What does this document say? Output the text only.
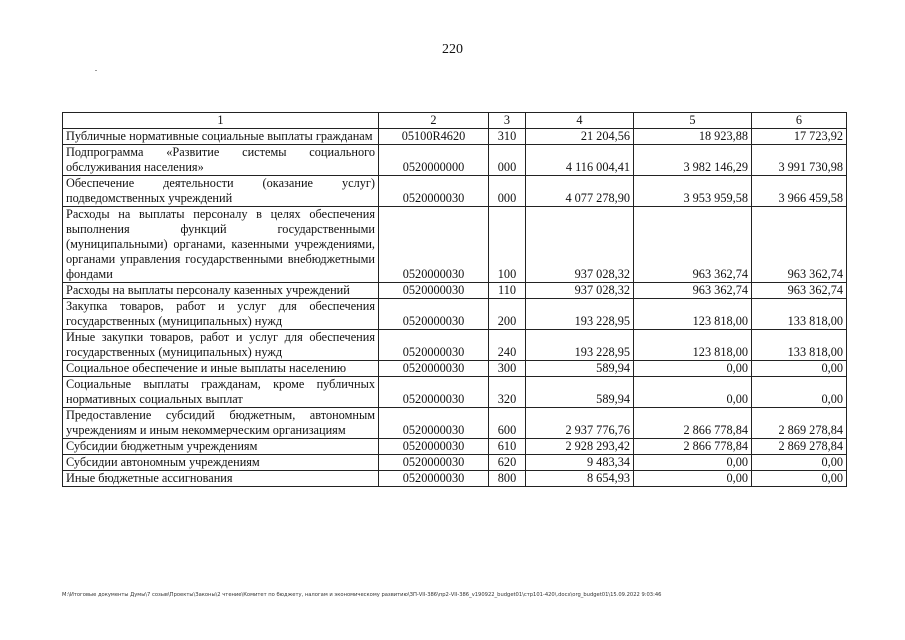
220
1	2	3	4	5	6
Публичные нормативные социальные выплаты гражданам	05100R4620	310	21 204,56	18 923,88	17 723,92
Подпрограмма «Развитие системы социального обслуживания населения»	0520000000	000	4 116 004,41	3 982 146,29	3 991 730,98
Обеспечение деятельности (оказание услуг) подведомственных учреждений	0520000030	000	4 077 278,90	3 953 959,58	3 966 459,58
Расходы на выплаты персоналу в целях обеспечения выполнения функций государственными (муниципальными) органами, казенными учреждениями, органами управления государственными внебюджетными фондами	0520000030	100	937 028,32	963 362,74	963 362,74
Расходы на выплаты персоналу казенных учреждений	0520000030	110	937 028,32	963 362,74	963 362,74
Закупка товаров, работ и услуг для обеспечения государственных (муниципальных) нужд	0520000030	200	193 228,95	123 818,00	133 818,00
Иные закупки товаров, работ и услуг для обеспечения государственных (муниципальных) нужд	0520000030	240	193 228,95	123 818,00	133 818,00
Социальное обеспечение и иные выплаты населению	0520000030	300	589,94	0,00	0,00
Социальные выплаты гражданам, кроме публичных нормативных социальных выплат	0520000030	320	589,94	0,00	0,00
Предоставление субсидий бюджетным, автономным учреждениям и иным некоммерческим организациям	0520000030	600	2 937 776,76	2 866 778,84	2 869 278,84
Субсидии бюджетным учреждениям	0520000030	610	2 928 293,42	2 866 778,84	2 869 278,84
Субсидии автономным учреждениям	0520000030	620	9 483,34	0,00	0,00
Иные бюджетные ассигнования	0520000030	800	8 654,93	0,00	0,00
M:\Итоговые документы Думы\7 созыв\Проекты\Законы\2 чтение\Комитет по бюджету, налогам и экономическому развитию\ЗП-VII-386\пр2-VII-386_v190922_budget01\стр101-420\.docx\org_budget01\15.09.2022 9:03:46
